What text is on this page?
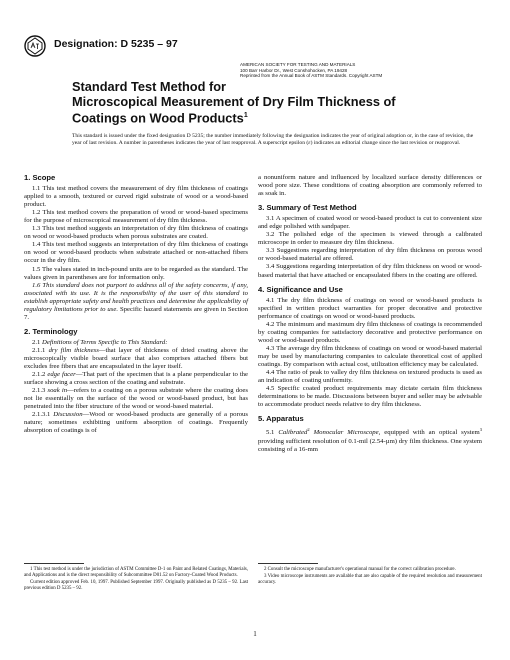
Designation: D 5235 – 97
AMERICAN SOCIETY FOR TESTING AND MATERIALS
100 Barr Harbor Dr., West Conshohocken, PA 19428
Reprinted from the Annual Book of ASTM Standards. Copyright ASTM
Standard Test Method for
Microscopical Measurement of Dry Film Thickness of
Coatings on Wood Products$^1$
This standard is issued under the fixed designation D 5235; the number immediately following the designation indicates the year of original adoption or, in the case of revision, the year of last revision. A number in parentheses indicates the year of last reapproval. A superscript epsilon (ε) indicates an editorial change since the last revision or reapproval.
1. Scope

1.1 This test method covers the measurement of dry film thickness of coatings applied to a smooth, textured or curved rigid substrate of wood or a wood-based product.

1.2 This test method covers the preparation of wood or wood-based specimens for the purpose of microscopical measurement of dry film thickness.

1.3 This test method suggests an interpretation of dry film thickness of coatings on wood or wood-based products when porous substrates are coated.

1.4 This test method suggests an interpretation of dry film thickness of coatings on wood or wood-based products when substrate attached or non-attached fibers occur in the dry film.

1.5 The values stated in inch-pound units are to be regarded as the standard. The values given in parentheses are for information only.

1.6 This standard does not purport to address all of the safety concerns, if any, associated with its use. It is the responsibility of the user of this standard to establish appropriate safety and health practices and determine the applicability of regulatory limitations prior to use. Specific hazard statements are given in Section 7.

2. Terminology

2.1 Definitions of Terms Specific to This Standard:

2.1.1 dry film thickness—that layer of thickness of dried coating above the microscopically visible board surface that also comprises attached fibers but excludes free fibers that are encapsulated in the layer itself.

2.1.2 edge facer—That part of the specimen that is a plane perpendicular to the surface showing a cross section of the coating and substrate.

2.1.3 soak in—refers to a coating on a porous substrate where the coating does not lie essentially on the surface of the wood or wood-based product, but has penetrated into the fiber structure of the wood or wood-based material.

2.1.3.1 Discussion—Wood or wood-based products are generally of a porous nature; sometimes exhibiting uniform absorption of coatings. Frequently absorption of coatings is of

a nonuniform nature and influenced by localized surface density differences or wood pore size. These conditions of coating absorption are commonly referred to as soak in.

3. Summary of Test Method

3.1 A specimen of coated wood or wood-based product is cut to convenient size and edge polished with sandpaper.

3.2 The polished edge of the specimen is viewed through a calibrated microscope in order to measure dry film thickness.

3.3 Suggestions regarding interpretation of dry film thickness on porous wood or wood-based material are offered.

3.4 Suggestions regarding interpretation of dry film thickness on wood or wood-based material that have attached or encapsulated fibers in the coating are offered.

4. Significance and Use

4.1 The dry film thickness of coatings on wood or wood-based products is specified in written product warranties for proper decorative and protective performance of coatings on wood or wood-based products.

4.2 The minimum and maximum dry film thickness of coatings is recommended by coating companies for satisfactory decorative and protective performance on wood or wood-based products.

4.3 The average dry film thickness of coatings on wood or wood-based material may be used by manufacturing companies to calculate theoretical cost of applied coatings. By comparison with actual cost, utilization efficiency may be calculated.

4.4 The ratio of peak to valley dry film thickness on textured products is used as an indication of coating uniformity.

4.5 Specific coated product requirements may dictate certain film thickness determinations to be made. Discussions between buyer and seller may be advisable to accommodate product needs relative to dry film thickness.

5. Apparatus

5.1 Calibrated$^2$ Monocular Microscope, equipped with an optical system$^3$ providing sufficient resolution of 0.1-mil (2.54-µm) dry film thickness. One system consisting of a 16-mm

1 This test method is under the jurisdiction of ASTM Committee D-1 on Paint and Related Coatings, Materials, and Applications and is the direct responsibility of Subcommittee D01.52 on Factory-Coated Wood Products.

Current edition approved Feb. 10, 1997. Published September 1997. Originally published as D 5235 – 92. Last previous edition D 5235 – 92.

2 Consult the microscope manufacturer's operational manual for the correct calibration procedure.

3 Video microscope instruments are available that are also capable of the required resolution and measurement accuracy.

1
